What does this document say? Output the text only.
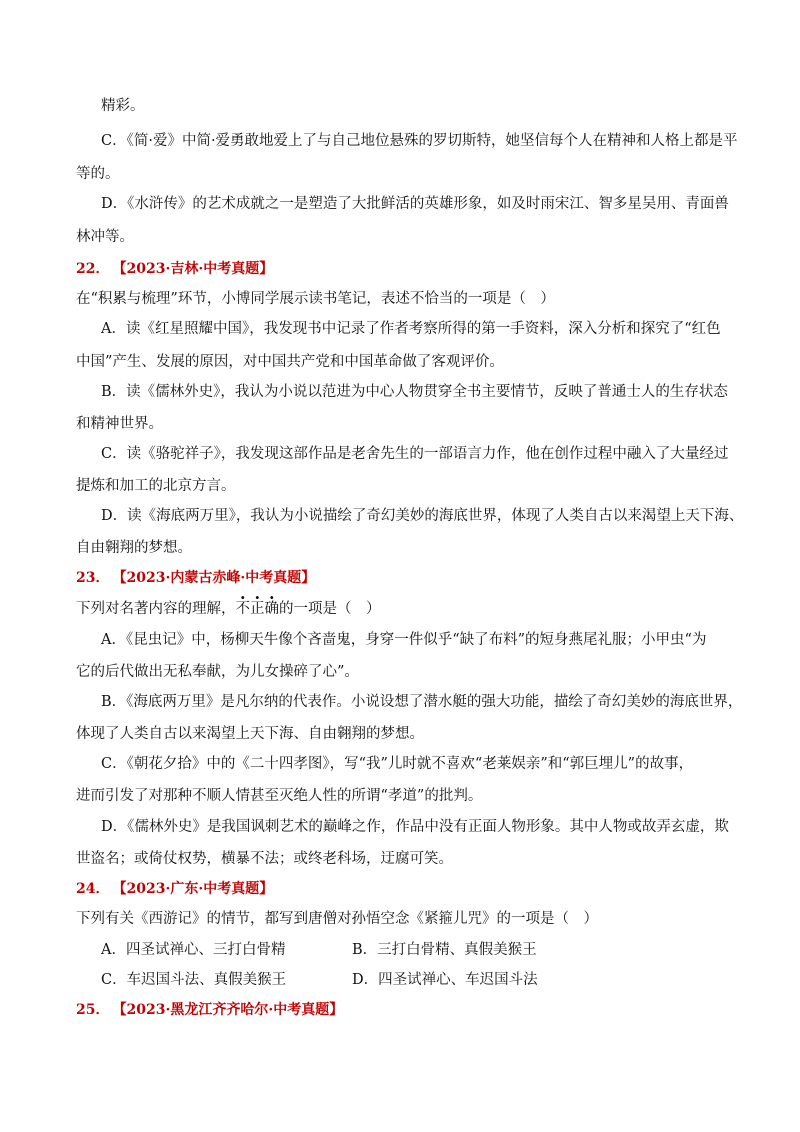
精彩。
C．《简·爱》中简·爱勇敢地爱上了与自己地位悬殊的罗切斯特，她坚信每个人在精神和人格上都是平
等的。
D．《水浒传》的艺术成就之一是塑造了大批鲜活的英雄形象，如及时雨宋江、智多星吴用、青面兽
林冲等。
22． 【2023·吉林·中考真题】
在“积累与梳理”环节，小博同学展示读书笔记，表述不恰当的一项是（　）
A．读《红星照耀中国》，我发现书中记录了作者考察所得的第一手资料，深入分析和探究了“红色
中国”产生、发展的原因，对中国共产党和中国革命做了客观评价。
B．读《儒林外史》，我认为小说以范进为中心人物贯穿全书主要情节，反映了普通士人的生存状态
和精神世界。
C．读《骆驼祥子》，我发现这部作品是老舍先生的一部语言力作，他在创作过程中融入了大量经过
提炼和加工的北京方言。
D．读《海底两万里》，我认为小说描绘了奇幻美妙的海底世界，体现了人类自古以来渴望上天下海、
自由翱翔的梦想。
23． 【2023·内蒙古赤峰·中考真题】
下列对名著内容的理解，不正确的一项是（　）
A．《昆虫记》中，杨柳天牛像个吝啬鬼，身穿一件似乎“缺了布料”的短身燕尾礼服；小甲虫“为
它的后代做出无私奉献，为儿女操碎了心”。
B．《海底两万里》是凡尔纳的代表作。小说设想了潜水艇的强大功能，描绘了奇幻美妙的海底世界，
体现了人类自古以来渴望上天下海、自由翱翔的梦想。
C．《朝花夕拾》中的《二十四孝图》，写“我”儿时就不喜欢“老莱娱亲”和“郭巨埋儿”的故事，
进而引发了对那种不顺人情甚至灭绝人性的所谓“孝道”的批判。
D．《儒林外史》是我国讽刺艺术的巅峰之作，作品中没有正面人物形象。其中人物或故弄玄虚，欺
世盗名；或倚仗权势，横暴不法；或终老科场，迂腐可笑。
24． 【2023·广东·中考真题】
下列有关《西游记》的情节，都写到唐僧对孙悟空念《紧箍儿咒》的一项是（　）
A．四圣试禅心、三打白骨精	B．三打白骨精、真假美猴王
C．车迟国斗法、真假美猴王	D．四圣试禅心、车迟国斗法
25． 【2023·黑龙江齐齐哈尔·中考真题】
